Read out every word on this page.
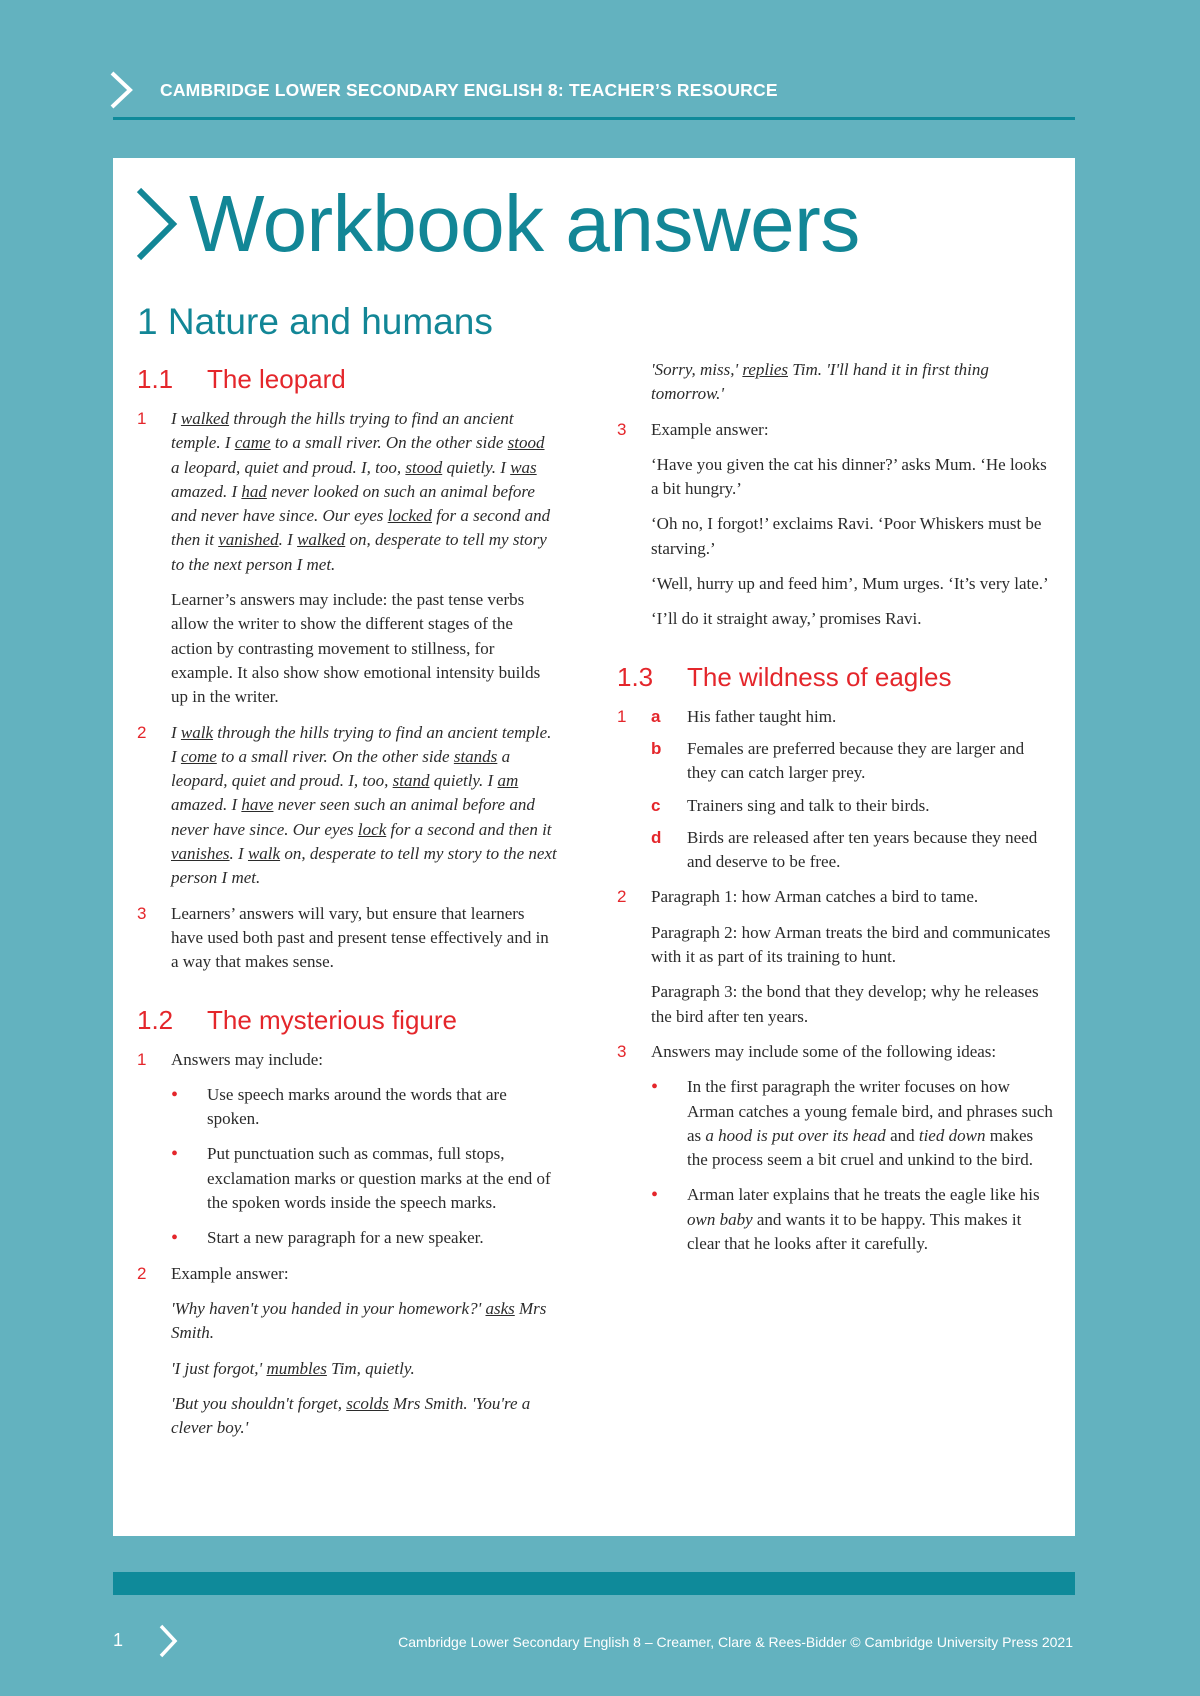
CAMBRIDGE LOWER SECONDARY ENGLISH 8: TEACHER’S RESOURCE
Workbook answers
1 Nature and humans
1.1	The leopard
1	I walked through the hills trying to find an ancient temple. I came to a small river. On the other side stood a leopard, quiet and proud. I, too, stood quietly. I was amazed. I had never looked on such an animal before and never have since. Our eyes locked for a second and then it vanished. I walked on, desperate to tell my story to the next person I met.

Learner’s answers may include: the past tense verbs allow the writer to show the different stages of the action by contrasting movement to stillness, for example. It also show show emotional intensity builds up in the writer.

2	I walk through the hills trying to find an ancient temple. I come to a small river. On the other side stands a leopard, quiet and proud. I, too, stand quietly. I am amazed. I have never seen such an animal before and never have since. Our eyes lock for a second and then it vanishes. I walk on, desperate to tell my story to the next person I met.

3	Learners’ answers will vary, but ensure that learners have used both past and present tense effectively and in a way that makes sense.

1.2	The mysterious figure
1	Answers may include:

•	Use speech marks around the words that are spoken.

•	Put punctuation such as commas, full stops, exclamation marks or question marks at the end of the spoken words inside the speech marks.

•	Start a new paragraph for a new speaker.

2	Example answer:

'Why haven't you handed in your homework?' asks Mrs Smith.

'I just forgot,' mumbles Tim, quietly.

'But you shouldn't forget, scolds Mrs Smith. 'You're a clever boy.'

'Sorry, miss,' replies Tim. 'I'll hand it in first thing tomorrow.'

3	Example answer:

‘Have you given the cat his dinner?’ asks Mum. ‘He looks a bit hungry.’

‘Oh no, I forgot!’ exclaims Ravi. ‘Poor Whiskers must be starving.’

‘Well, hurry up and feed him’, Mum urges. ‘It’s very late.’

‘I’ll do it straight away,’ promises Ravi.

1.3	The wildness of eagles
1	a	His father taught him.

b	Females are preferred because they are larger and they can catch larger prey.

c	Trainers sing and talk to their birds.

d	Birds are released after ten years because they need and deserve to be free.

2	Paragraph 1: how Arman catches a bird to tame.

Paragraph 2: how Arman treats the bird and communicates with it as part of its training to hunt.

Paragraph 3: the bond that they develop; why he releases the bird after ten years.

3	Answers may include some of the following ideas:

•	In the first paragraph the writer focuses on how Arman catches a young female bird, and phrases such as a hood is put over its head and tied down makes the process seem a bit cruel and unkind to the bird.

•	Arman later explains that he treats the eagle like his own baby and wants it to be happy. This makes it clear that he looks after it carefully.

1	Cambridge Lower Secondary English 8 – Creamer, Clare & Rees-Bidder © Cambridge University Press 2021
